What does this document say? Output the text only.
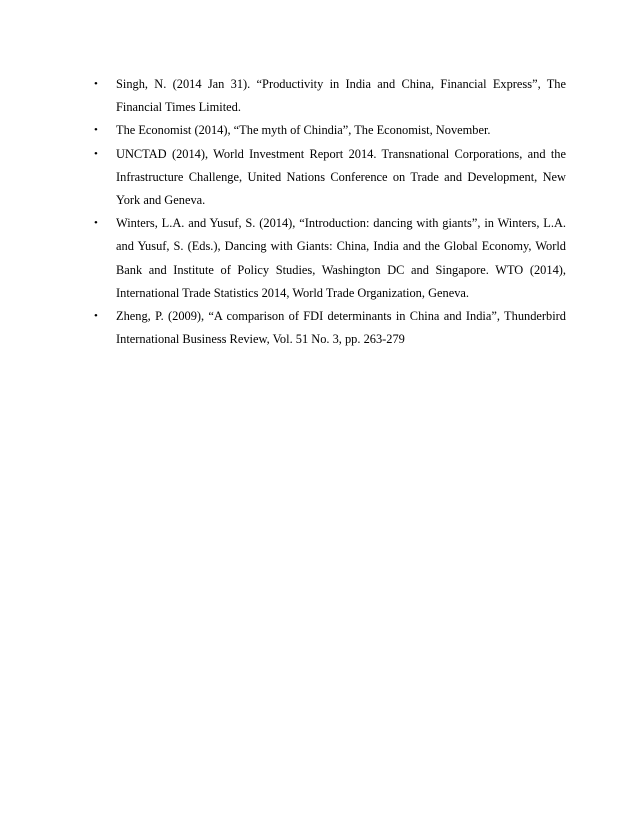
•	Singh, N. (2014 Jan 31). “Productivity in India and China, Financial Express”, The Financial Times Limited.
•	The Economist (2014), “The myth of Chindia”, The Economist, November.
•	UNCTAD (2014), World Investment Report 2014. Transnational Corporations, and the Infrastructure Challenge, United Nations Conference on Trade and Development, New York and Geneva.
•	Winters, L.A. and Yusuf, S. (2014), “Introduction: dancing with giants”, in Winters, L.A. and Yusuf, S. (Eds.), Dancing with Giants: China, India and the Global Economy, World Bank and Institute of Policy Studies, Washington DC and Singapore. WTO (2014), International Trade Statistics 2014, World Trade Organization, Geneva.
•	Zheng, P. (2009), “A comparison of FDI determinants in China and India”, Thunderbird International Business Review, Vol. 51 No. 3, pp. 263-279
